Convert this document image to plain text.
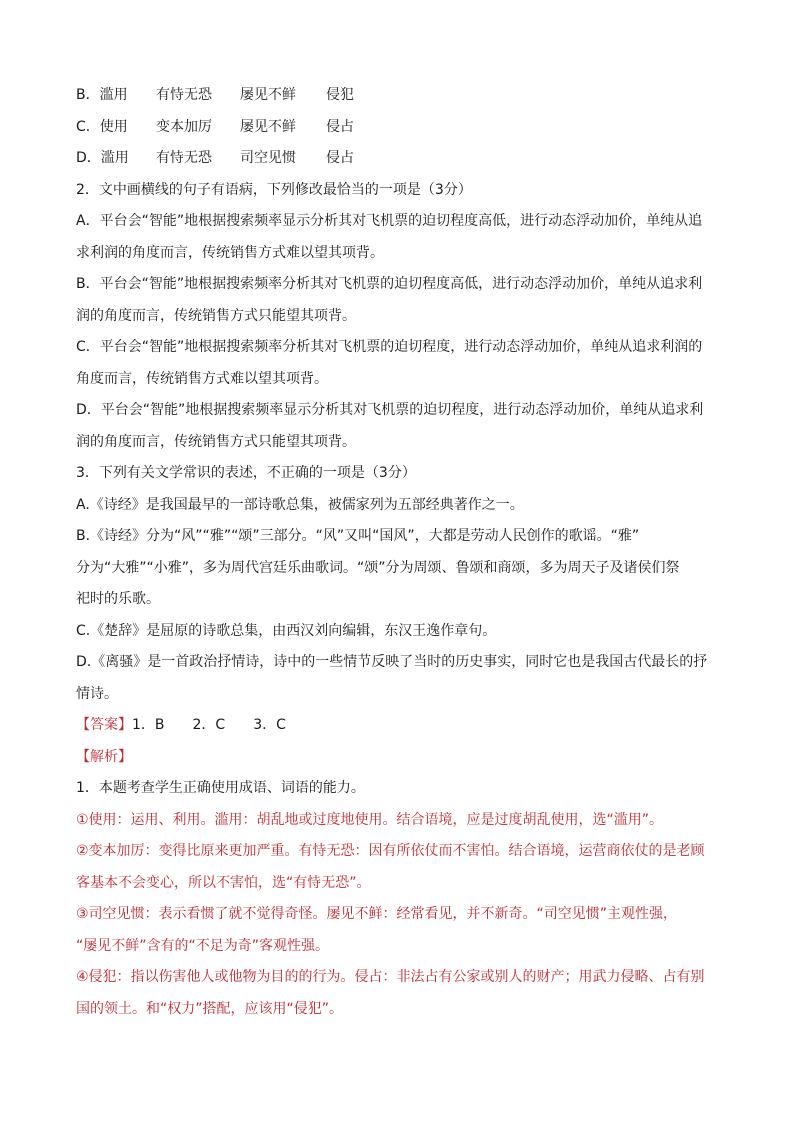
B．滥用 有恃无恐 屡见不鲜 侵犯
C．使用 变本加厉 屡见不鲜 侵占
D．滥用 有恃无恐 司空见惯 侵占
2．文中画横线的句子有语病，下列修改最恰当的一项是（3分）
A．平台会“智能”地根据搜索频率显示分析其对飞机票的迫切程度高低，进行动态浮动加价，单纯从追
求利润的角度而言，传统销售方式难以望其项背。
B．平台会“智能”地根据搜索频率分析其对飞机票的迫切程度高低，进行动态浮动加价，单纯从追求利
润的角度而言，传统销售方式只能望其项背。
C．平台会“智能”地根据搜索频率分析其对飞机票的迫切程度，进行动态浮动加价，单纯从追求利润的
角度而言，传统销售方式难以望其项背。
D．平台会“智能”地根据搜索频率显示分析其对飞机票的迫切程度，进行动态浮动加价，单纯从追求利
润的角度而言，传统销售方式只能望其项背。
3．下列有关文学常识的表述，不正确的一项是（3分）
A.《诗经》是我国最早的一部诗歌总集，被儒家列为五部经典著作之一。
B.《诗经》分为“风”“雅”“颂”三部分。“风”又叫“国风”，大都是劳动人民创作的歌谣。“雅”
分为“大雅”“小雅”，多为周代宫廷乐曲歌词。“颂”分为周颂、鲁颂和商颂，多为周天子及诸侯们祭
祀时的乐歌。
C.《楚辞》是屈原的诗歌总集，由西汉刘向编辑，东汉王逸作章句。
D.《离骚》是一首政治抒情诗，诗中的一些情节反映了当时的历史事实，同时它也是我国古代最长的抒
情诗。
【答案】1．B　　2．C　　3．C
【解析】
1．本题考查学生正确使用成语、词语的能力。
①使用：运用、利用。滥用：胡乱地或过度地使用。结合语境，应是过度胡乱使用，选“滥用”。
②变本加厉：变得比原来更加严重。有恃无恐：因有所依仗而不害怕。结合语境，运营商依仗的是老顾
客基本不会变心，所以不害怕，选“有恃无恐”。
③司空见惯：表示看惯了就不觉得奇怪。屡见不鲜：经常看见，并不新奇。“司空见惯”主观性强，
“屡见不鲜”含有的“不足为奇”客观性强。
④侵犯：指以伤害他人或他物为目的的行为。侵占：非法占有公家或别人的财产；用武力侵略、占有别
国的领土。和“权力”搭配，应该用“侵犯”。
